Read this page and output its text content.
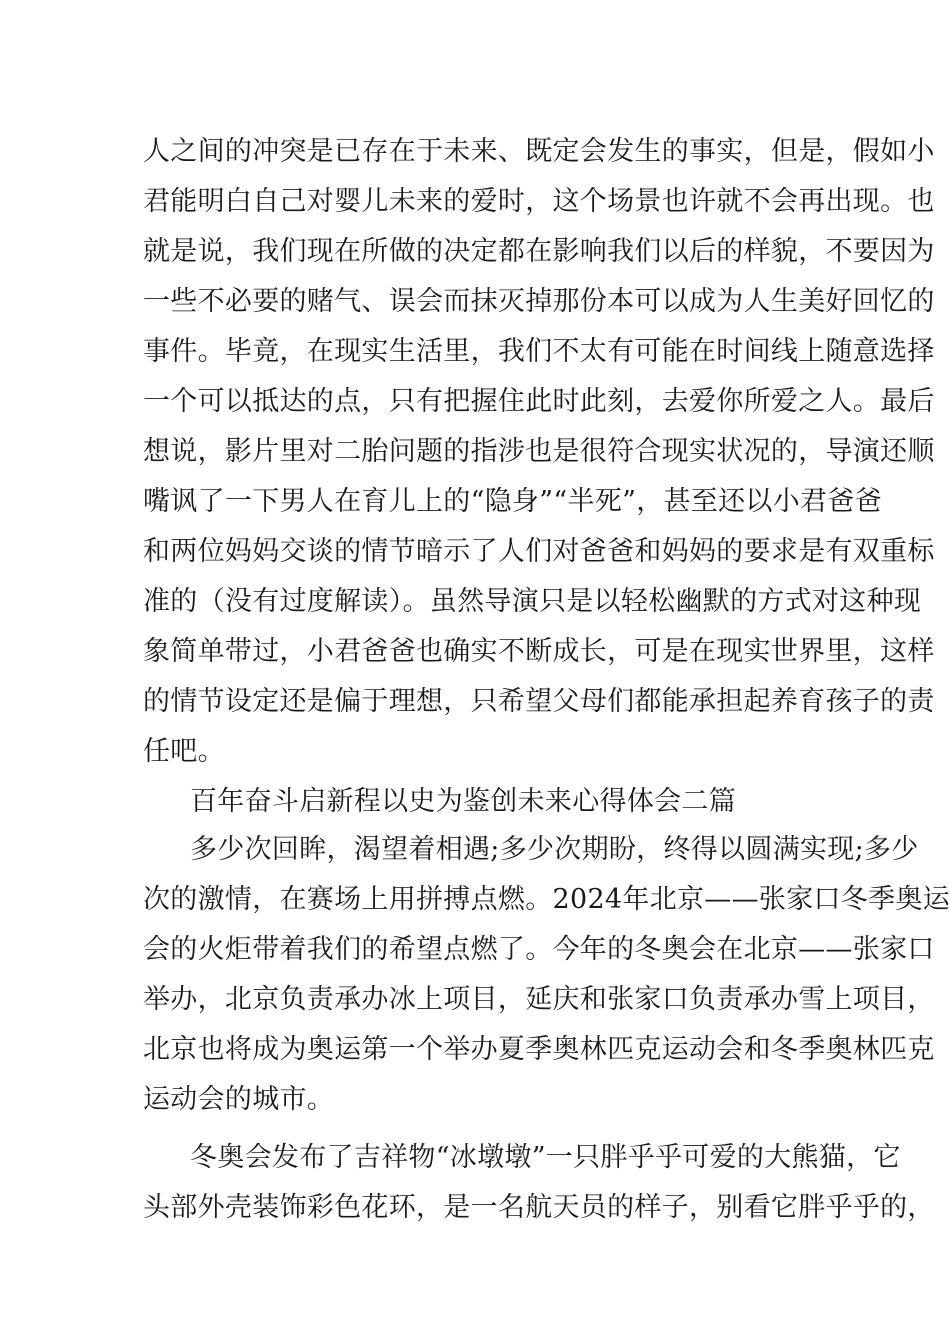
人之间的冲突是已存在于未来、既定会发生的事实，但是，假如小
君能明白自己对婴儿未来的爱时，这个场景也许就不会再出现。也
就是说，我们现在所做的决定都在影响我们以后的样貌，不要因为
一些不必要的赌气、误会而抹灭掉那份本可以成为人生美好回忆的
事件。毕竟，在现实生活里，我们不太有可能在时间线上随意选择
一个可以抵达的点，只有把握住此时此刻，去爱你所爱之人。最后
想说，影片里对二胎问题的指涉也是很符合现实状况的，导演还顺
嘴讽了一下男人在育儿上的“隐身”“半死”，甚至还以小君爸爸
和两位妈妈交谈的情节暗示了人们对爸爸和妈妈的要求是有双重标
准的（没有过度解读）。虽然导演只是以轻松幽默的方式对这种现
象简单带过，小君爸爸也确实不断成长，可是在现实世界里，这样
的情节设定还是偏于理想，只希望父母们都能承担起养育孩子的责
任吧。
百年奋斗启新程以史为鉴创未来心得体会二篇
多少次回眸，渴望着相遇;多少次期盼，终得以圆满实现;多少
次的激情，在赛场上用拼搏点燃。2024年北京——张家口冬季奥运
会的火炬带着我们的希望点燃了。今年的冬奥会在北京——张家口
举办，北京负责承办冰上项目，延庆和张家口负责承办雪上项目，
北京也将成为奥运第一个举办夏季奥林匹克运动会和冬季奥林匹克
运动会的城市。
冬奥会发布了吉祥物“冰墩墩”一只胖乎乎可爱的大熊猫，它
头部外壳装饰彩色花环，是一名航天员的样子，别看它胖乎乎的，
